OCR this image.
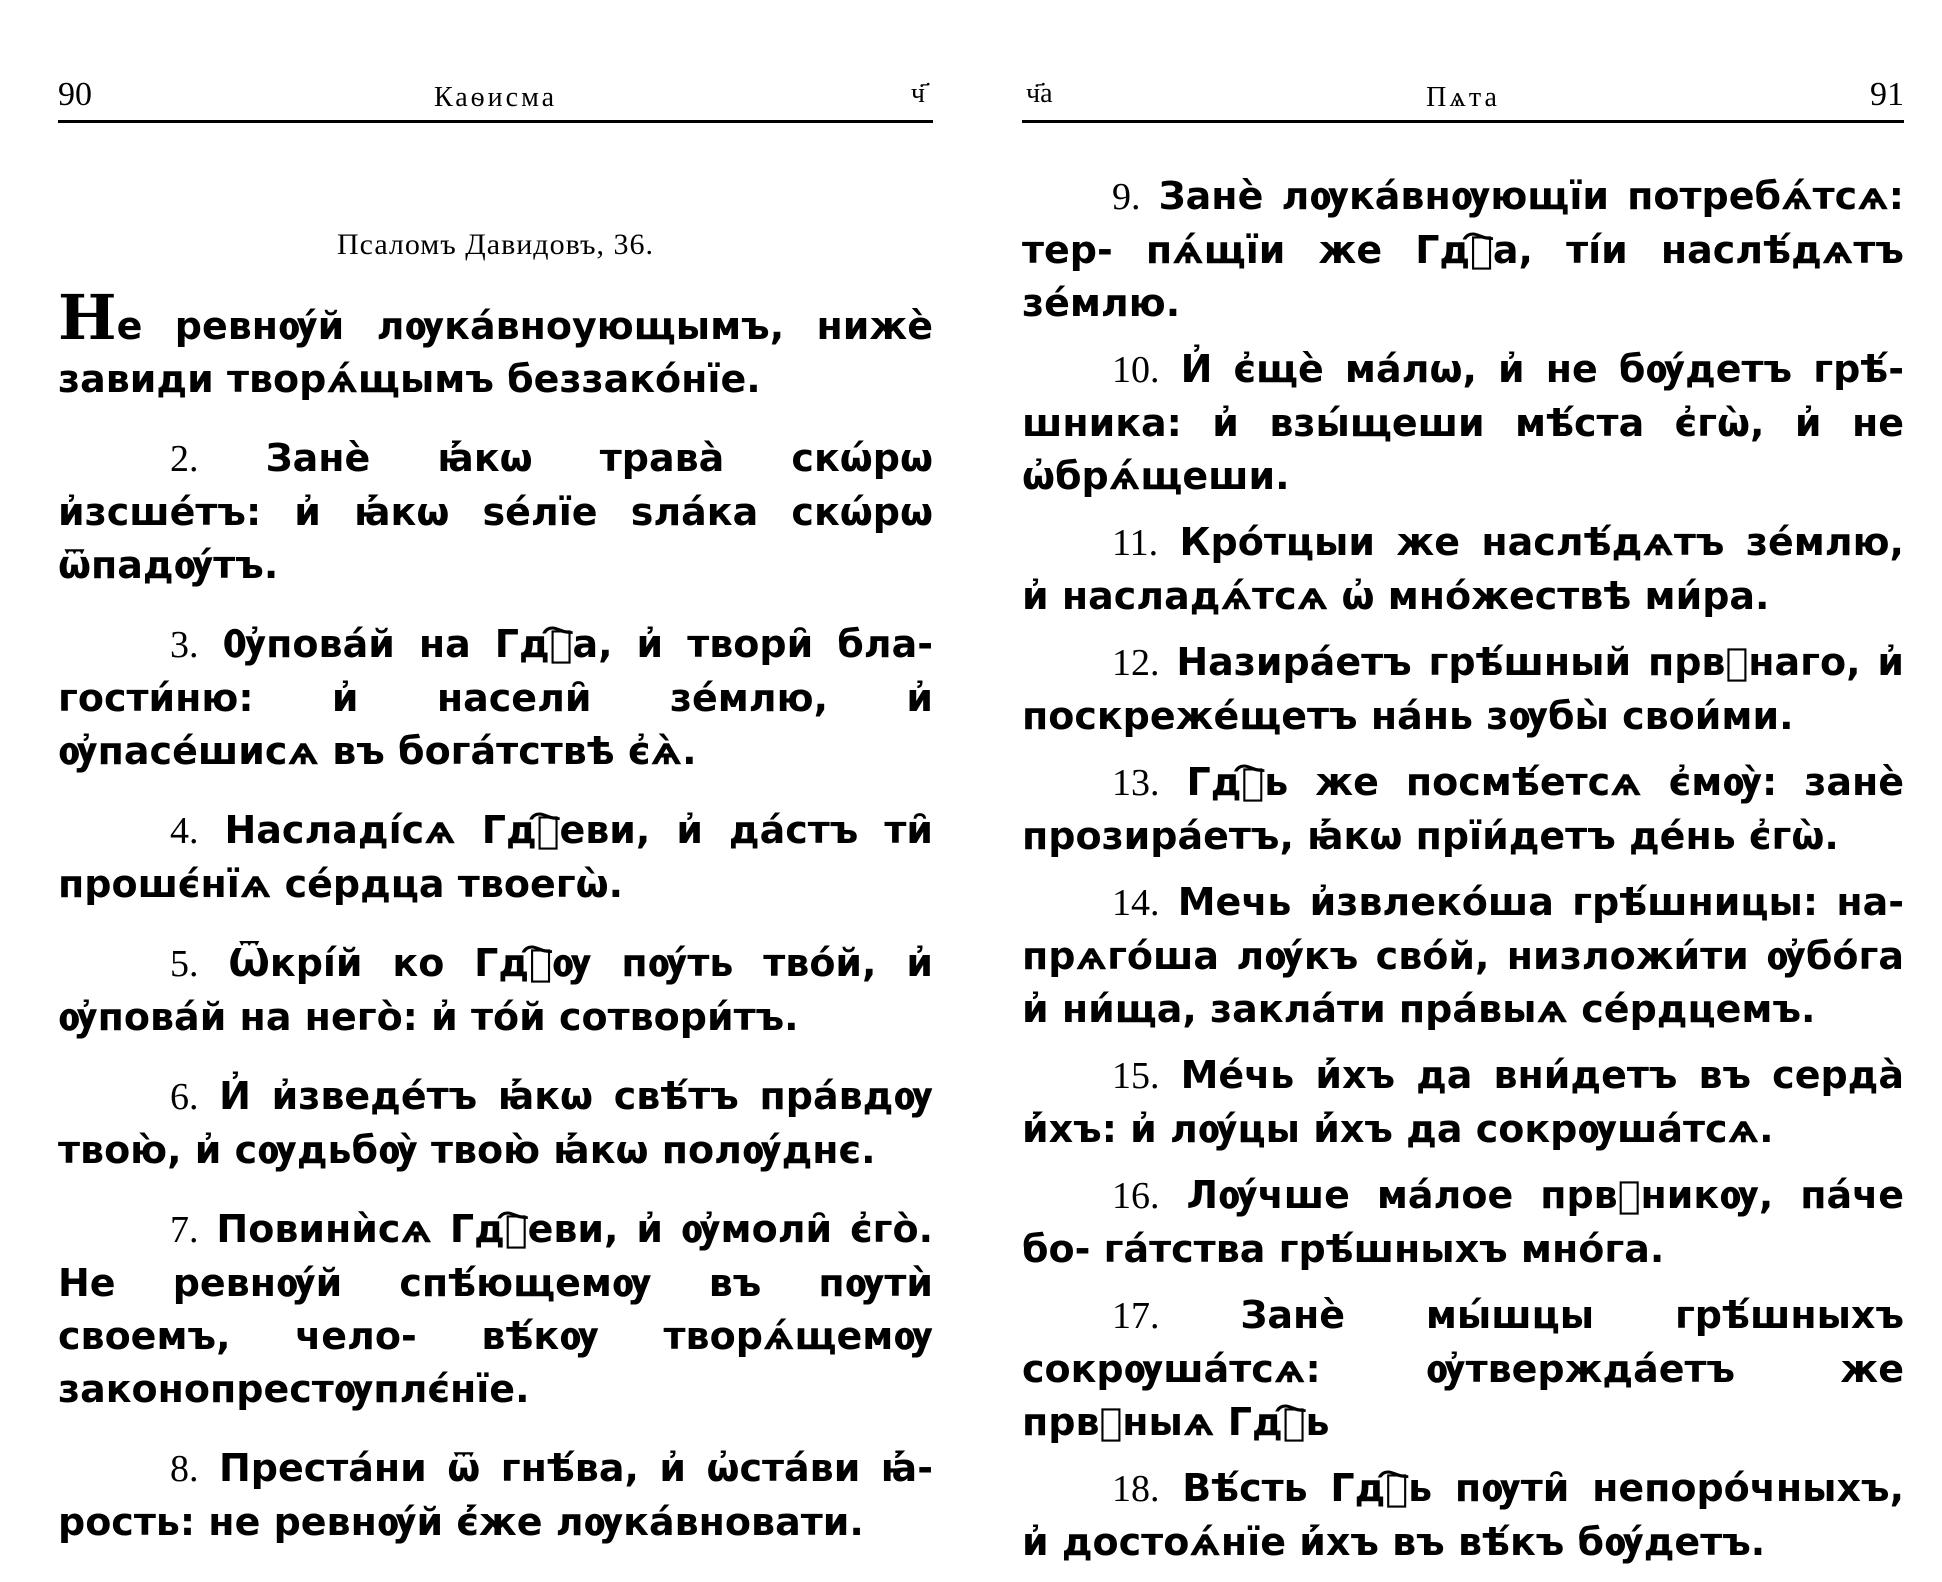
90	Каѳисма	ч҃
Псаломъ Давидовъ, 36.
Не ревнѹ́й лѹка́вноующымъ, нижѐ завиди творѧ́щымъ беззако́нїе.
2. Занѐ ꙗ҆́кѡ трава̀ скѡ́рѡ и҆зсше́тъ: и҆ ꙗ҆́кѡ ѕе́лїе ѕла́ка скѡ́рѡ ѿпадѹ́тъ.
3. Ѹ҆пова́й на Гдⷭ҇а, и҆ твори̑ бла- гости́ню: и҆ насели̑ зе́млю, и҆ ѹ҆пасе́шисѧ въ бога́тствѣ є҆ѧ̀.
4. Насладі́сѧ Гдⷭ҇еви, и҆ да́стъ ти̑ прошє́нїѧ се́рдца твоегѡ̀.
5. Ѿкрі́й ко Гдⷭ҇ѹ пѹ́ть тво́й, и҆ ѹ҆пова́й на него̀: и҆ то́й сотвори́тъ.
6. И҆ и҆зведе́тъ ꙗ҆́кѡ свѣ́тъ пра́вдѹ твою̀, и҆ сѹдьбѹ̀ твою̀ ꙗ҆́кѡ полѹ́днє.
7. Повинѝсѧ Гдⷭ҇еви, и҆ ѹ҆моли̑ є҆го̀. Не ревнѹ́й спѣ́ющемѹ въ пѹтѝ своемъ, чело- вѣ́кѹ творѧ́щемѹ законопрестѹплє́нїе.
8. Преста́ни ѿ гнѣ́ва, и҆ ѡ҆ста́ви ꙗ҆́- рость: не ревнѹ́й є҆́же лѹка́вновати.
ч҃а	Пѧта	91
9. Занѐ лѹка́внѹющїи потребѧ́тсѧ: тер- пѧ́щїи же Гдⷭ҇а, ті́и наслѣ́дѧтъ зе́млю.
10. И҆ є҆щѐ ма́лѡ, и҆ не бѹ́детъ грѣ́- шника: и҆ взы́щеши мѣ́ста є҆гѡ̀, и҆ не ѡ҆брѧ́щеши.
11. Кро́тцыи же наслѣ́дѧтъ зе́млю, и҆ насладѧ́тсѧ ѡ҆ мно́жествѣ ми́ра.
12. Назира́етъ грѣ́шный првⷣнаго, и҆ поскреже́щетъ на́нь зѹбы̀ свои́ми.
13. Гдⷭ҇ь же посмѣ́етсѧ є҆мѹ̀: занѐ прозира́етъ, ꙗ҆́кѡ прїи́детъ де́нь є҆гѡ̀.
14. Мечь и҆звлеко́ша грѣ́шницы: на- прѧго́ша лѹ́къ сво́й, низложи́ти ѹ҆бо́га и҆ ни́ща, закла́ти пра́выѧ се́рдцемъ.
15. Ме́чь и҆́хъ да вни́детъ въ серда̀ и҆́хъ: и҆ лѹ́цы и҆́хъ да сокрѹша́тсѧ.
16. Лѹ́чше ма́лое првⷣникѹ, па́че бо- га́тства грѣ́шныхъ мно́га.
17. Занѐ мы́шцы грѣ́шныхъ сокрѹша́тсѧ: ѹ҆твержда́етъ же првⷣныѧ Гдⷭ҇ь
18. Вѣ́сть Гдⷭ҇ь пѹти̑ непоро́чныхъ, и҆ достоѧ́нїе и҆́хъ въ вѣ́къ бѹ́детъ.
